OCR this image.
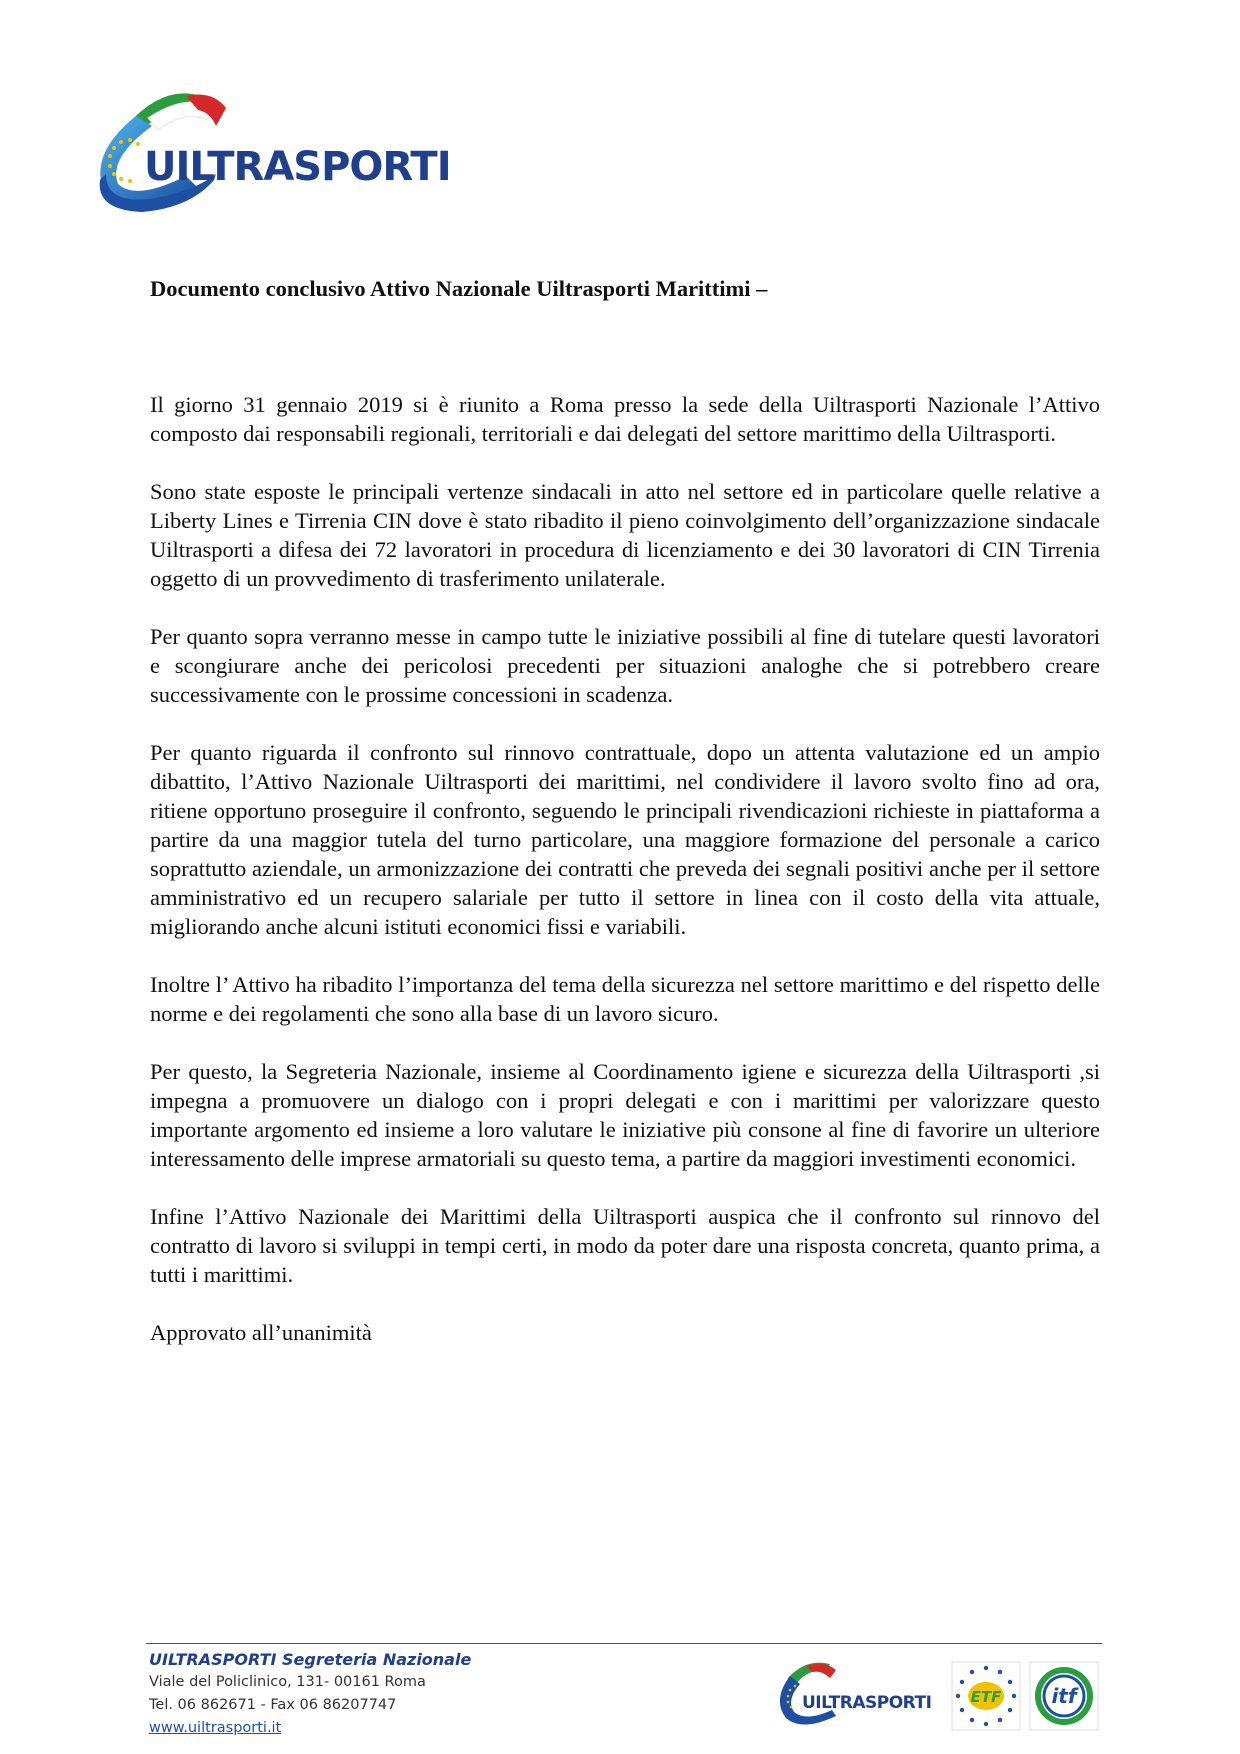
UILTRASPORTI
Documento conclusivo Attivo Nazionale Uiltrasporti Marittimi –

Il giorno 31 gennaio 2019 si è riunito a Roma presso la sede della Uiltrasporti Nazionale l’Attivo composto dai responsabili regionali, territoriali e dai delegati del settore marittimo della Uiltrasporti.

Sono state esposte le principali vertenze sindacali in atto nel settore ed in particolare quelle relative a Liberty Lines e Tirrenia CIN dove è stato ribadito il pieno coinvolgimento dell’organizzazione sindacale Uiltrasporti a difesa dei 72 lavoratori in procedura di licenziamento e dei 30 lavoratori di CIN Tirrenia oggetto di un provvedimento di trasferimento unilaterale.

Per quanto sopra verranno messe in campo tutte le iniziative possibili al fine di tutelare questi lavoratori e scongiurare anche dei pericolosi precedenti per situazioni analoghe che si potrebbero creare successivamente con le prossime concessioni in scadenza.

Per quanto riguarda il confronto sul rinnovo contrattuale, dopo un attenta valutazione ed un ampio dibattito, l’Attivo Nazionale Uiltrasporti dei marittimi, nel condividere il lavoro svolto fino ad ora, ritiene opportuno proseguire il confronto, seguendo le principali rivendicazioni richieste in piattaforma a partire da una maggior tutela del turno particolare, una maggiore formazione del personale a carico soprattutto aziendale, un armonizzazione dei contratti che preveda dei segnali positivi anche per il settore amministrativo ed un recupero salariale per tutto il settore in linea con il costo della vita attuale, migliorando anche alcuni istituti economici fissi e variabili.

Inoltre l’ Attivo ha ribadito l’importanza del tema della sicurezza nel settore marittimo e del rispetto delle norme e dei regolamenti che sono alla base di un lavoro sicuro.

Per questo, la Segreteria Nazionale, insieme al Coordinamento igiene e sicurezza della Uiltrasporti ,si impegna a promuovere un dialogo con i propri delegati e con i marittimi per valorizzare questo importante argomento ed insieme a loro valutare le iniziative più consone al fine di favorire un ulteriore interessamento delle imprese armatoriali su questo tema, a partire da maggiori investimenti economici.

Infine l’Attivo Nazionale dei Marittimi della Uiltrasporti auspica che il confronto sul rinnovo del contratto di lavoro si sviluppi in tempi certi, in modo da poter dare una risposta concreta, quanto prima, a tutti i marittimi.

Approvato all’unanimità

UILTRASPORTI Segreteria Nazionale
Viale del Policlinico, 131- 00161 Roma
Tel. 06 862671 - Fax 06 86207747
www.uiltrasporti.it
UILTRASPORTI	ETF	itf
